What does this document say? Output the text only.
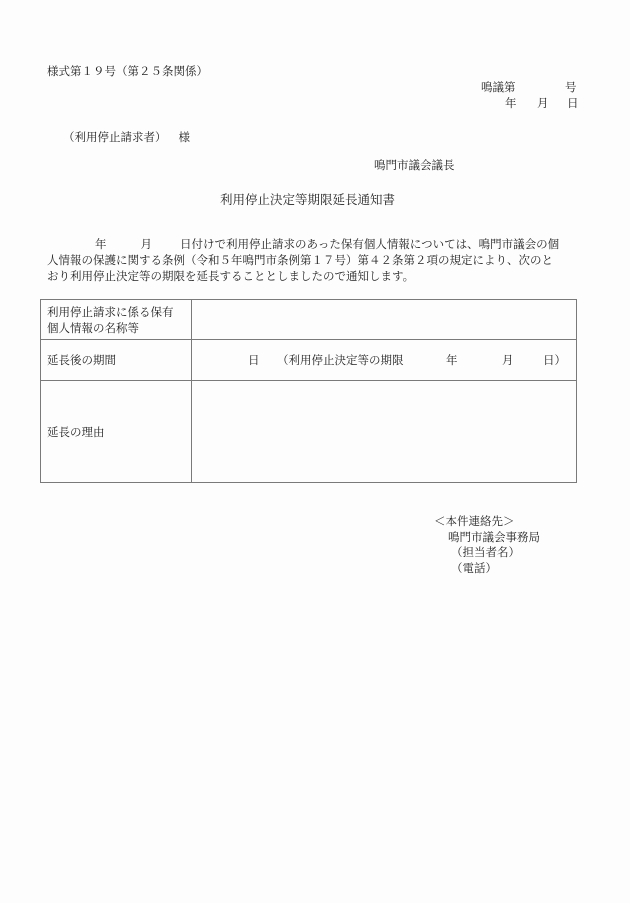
様式第１９号（第２５条関係）
鳴議第	号
年 月 日
（利用停止請求者） 様
鳴門市議会議長
利用停止決定等期限延長通知書
年	月 日付けで利用停止請求のあった保有個人情報については、鳴門市議会の個
人情報の保護に関する条例（令和５年鳴門市条例第１７号）第４２条第２項の規定により、次のと
おり利用停止決定等の期限を延長することとしましたので通知します。
利用停止請求に係る保有
個人情報の名称等	

延長後の期間	日 （利用停止決定等の期限 年 月 日）

延長の理由	
＜本件連絡先＞
鳴門市議会事務局
（担当者名）
（電話）
